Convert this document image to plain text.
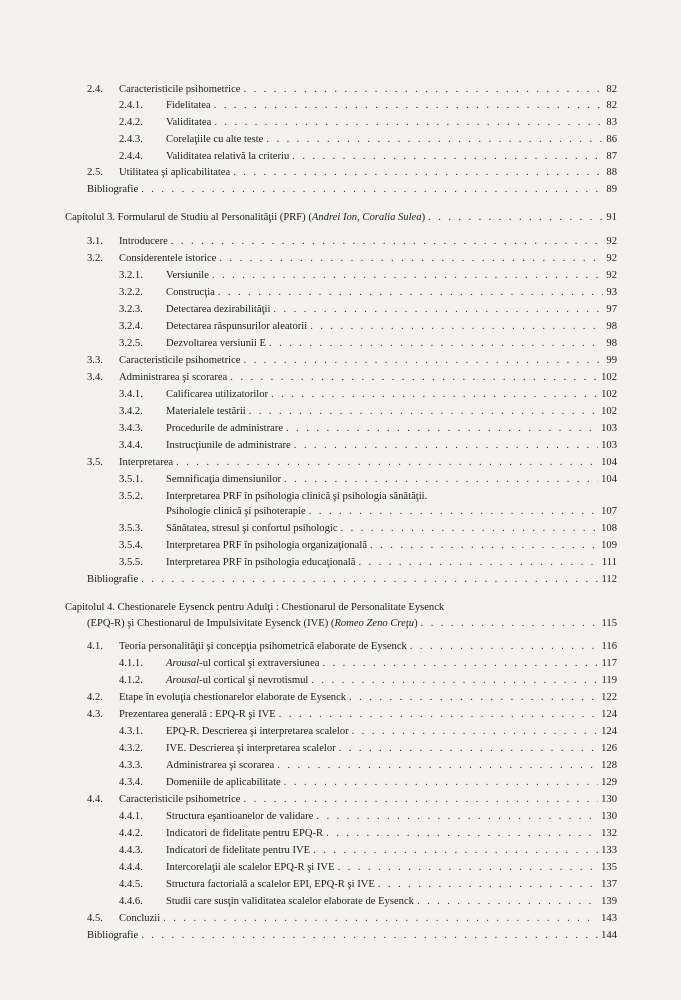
2.4.	Caracteristicile psihometrice . . .	82
2.4.1.	Fidelitatea . . .	82
2.4.2.	Validitatea . . .	83
2.4.3.	Corelaţiile cu alte teste . . .	86
2.4.4.	Validitatea relativă la criteriu . . .	87
2.5.	Utilitatea şi aplicabilitatea . . .	88
Bibliografie . . .	89
Capitolul 3. Formularul de Studiu al Personalităţii (PRF) (Andrei Ion, Coralia Sulea) . . .	91
3.1.	Introducere . . .	92
3.2.	Considerentele istorice . . .	92
3.2.1.	Versiunile . . .	92
3.2.2.	Construcţia . . .	93
3.2.3.	Detectarea dezirabilităţii . . .	97
3.2.4.	Detectarea răspunsurilor aleatorii . . .	98
3.2.5.	Dezvoltarea versiunii E . . .	98
3.3.	Caracteristicile psihometrice . . .	99
3.4.	Administrarea şi scorarea . . .	102
3.4.1.	Calificarea utilizatorilor . . .	102
3.4.2.	Materialele testării . . .	102
3.4.3.	Procedurile de administrare . . .	103
3.4.4.	Instrucţiunile de administrare . . .	103
3.5.	Interpretarea . . .	104
3.5.1.	Semnificaţia dimensiunilor . . .	104
3.5.2. Interpretarea PRF în psihologia clinică şi psihologia sănătăţii.
Psihologie clinică şi psihoterapie . . .	107
3.5.3.	Sănătatea, stresul şi confortul psihologic . . .	108
3.5.4.	Interpretarea PRF în psihologia organizaţională . . .	109
3.5.5.	Interpretarea PRF în psihologia educaţională . . .	111
Bibliografie . . .	112
Capitolul 4. Chestionarele Eysenck pentru Adulţi : Chestionarul de Personalitate Eysenck
(EPQ-R) şi Chestionarul de Impulsivitate Eysenck (IVE) (Romeo Zeno Creţu) . . .	115
4.1.	Teoria personalităţii şi concepţia psihometrică elaborate de Eysenck . . .	116
4.1.1.	Arousal-ul cortical şi extraversiunea . . .	117
4.1.2.	Arousal-ul cortical şi nevrotismul . . .	119
4.2.	Etape în evoluţia chestionarelor elaborate de Eysenck . . .	122
4.3.	Prezentarea generală : EPQ-R şi IVE . . .	124
4.3.1.	EPQ-R. Descrierea şi interpretarea scalelor . . .	124
4.3.2.	IVE. Descrierea şi interpretarea scalelor . . .	126
4.3.3.	Administrarea şi scorarea . . .	128
4.3.4.	Domeniile de aplicabilitate . . .	129
4.4.	Caracteristicile psihometrice . . .	130
4.4.1.	Structura eşantioanelor de validare . . .	130
4.4.2.	Indicatori de fidelitate pentru EPQ-R . . .	132
4.4.3.	Indicatori de fidelitate pentru IVE . . .	133
4.4.4.	Intercorelaţii ale scalelor EPQ-R şi IVE . . .	135
4.4.5.	Structura factorială a scalelor EPI, EPQ-R şi IVE . . .	137
4.4.6.	Studii care susţin validitatea scalelor elaborate de Eysenck . . .	139
4.5.	Concluzii . . .	143
Bibliografie . . .	144
